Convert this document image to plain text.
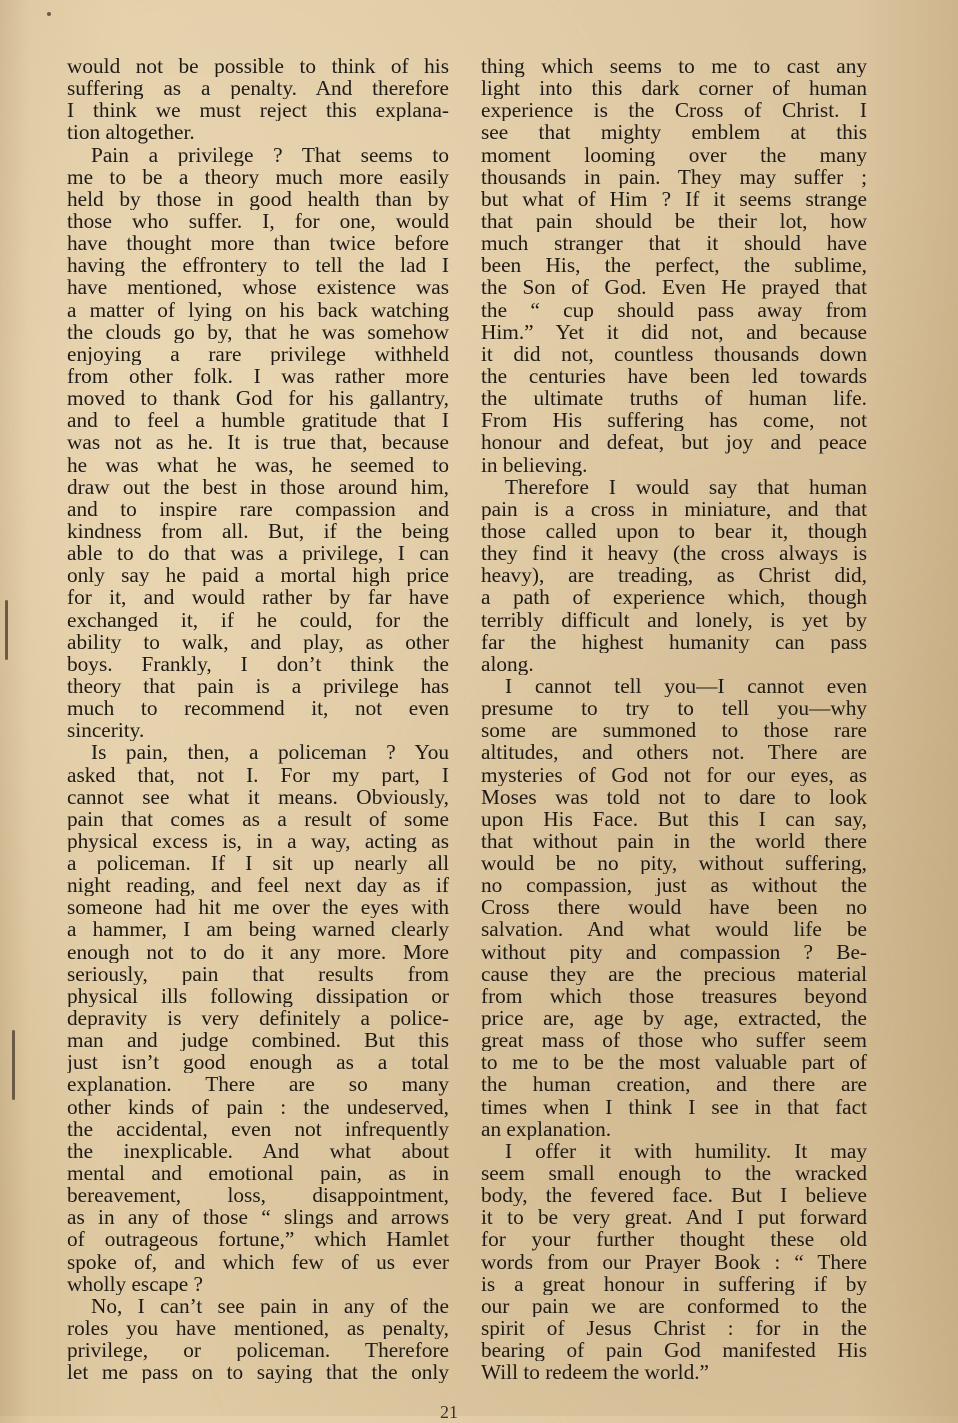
would not be possible to think of his
suffering as a penalty. And therefore
I think we must reject this explana-
tion altogether.
Pain a privilege ? That seems to
me to be a theory much more easily
held by those in good health than by
those who suffer. I, for one, would
have thought more than twice before
having the effrontery to tell the lad I
have mentioned, whose existence was
a matter of lying on his back watching
the clouds go by, that he was somehow
enjoying a rare privilege withheld
from other folk. I was rather more
moved to thank God for his gallantry,
and to feel a humble gratitude that I
was not as he. It is true that, because
he was what he was, he seemed to
draw out the best in those around him,
and to inspire rare compassion and
kindness from all. But, if the being
able to do that was a privilege, I can
only say he paid a mortal high price
for it, and would rather by far have
exchanged it, if he could, for the
ability to walk, and play, as other
boys. Frankly, I don’t think the
theory that pain is a privilege has
much to recommend it, not even
sincerity.
Is pain, then, a policeman ? You
asked that, not I. For my part, I
cannot see what it means. Obviously,
pain that comes as a result of some
physical excess is, in a way, acting as
a policeman. If I sit up nearly all
night reading, and feel next day as if
someone had hit me over the eyes with
a hammer, I am being warned clearly
enough not to do it any more. More
seriously, pain that results from
physical ills following dissipation or
depravity is very definitely a police-
man and judge combined. But this
just isn’t good enough as a total
explanation. There are so many
other kinds of pain : the undeserved,
the accidental, even not infrequently
the inexplicable. And what about
mental and emotional pain, as in
bereavement, loss, disappointment,
as in any of those “ slings and arrows
of outrageous fortune,” which Hamlet
spoke of, and which few of us ever
wholly escape ?
No, I can’t see pain in any of the
roles you have mentioned, as penalty,
privilege, or policeman. Therefore
let me pass on to saying that the only
thing which seems to me to cast any
light into this dark corner of human
experience is the Cross of Christ. I
see that mighty emblem at this
moment looming over the many
thousands in pain. They may suffer ;
but what of Him ? If it seems strange
that pain should be their lot, how
much stranger that it should have
been His, the perfect, the sublime,
the Son of God. Even He prayed that
the “ cup should pass away from
Him.” Yet it did not, and because
it did not, countless thousands down
the centuries have been led towards
the ultimate truths of human life.
From His suffering has come, not
honour and defeat, but joy and peace
in believing.
Therefore I would say that human
pain is a cross in miniature, and that
those called upon to bear it, though
they find it heavy (the cross always is
heavy), are treading, as Christ did,
a path of experience which, though
terribly difficult and lonely, is yet by
far the highest humanity can pass
along.
I cannot tell you—I cannot even
presume to try to tell you—why
some are summoned to those rare
altitudes, and others not. There are
mysteries of God not for our eyes, as
Moses was told not to dare to look
upon His Face. But this I can say,
that without pain in the world there
would be no pity, without suffering,
no compassion, just as without the
Cross there would have been no
salvation. And what would life be
without pity and compassion ? Be-
cause they are the precious material
from which those treasures beyond
price are, age by age, extracted, the
great mass of those who suffer seem
to me to be the most valuable part of
the human creation, and there are
times when I think I see in that fact
an explanation.
I offer it with humility. It may
seem small enough to the wracked
body, the fevered face. But I believe
it to be very great. And I put forward
for your further thought these old
words from our Prayer Book : “ There
is a great honour in suffering if by
our pain we are conformed to the
spirit of Jesus Christ : for in the
bearing of pain God manifested His
Will to redeem the world.”
21
